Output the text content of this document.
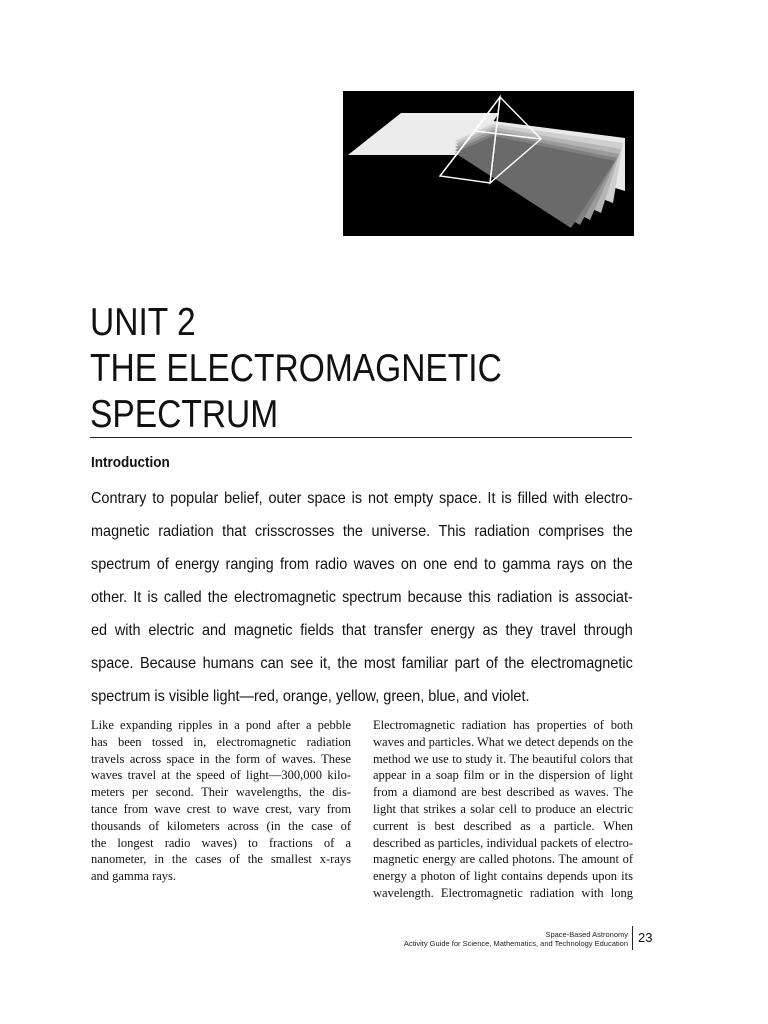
UNIT 2
THE ELECTROMAGNETIC
SPECTRUM
Introduction
Contrary to popular belief, outer space is not empty space. It is filled with electro-
magnetic radiation that crisscrosses the universe. This radiation comprises the
spectrum of energy ranging from radio waves on one end to gamma rays on the
other. It is called the electromagnetic spectrum because this radiation is associat-
ed with electric and magnetic fields that transfer energy as they travel through
space. Because humans can see it, the most familiar part of the electromagnetic
spectrum is visible light—red, orange, yellow, green, blue, and violet.
Like expanding ripples in a pond after a pebble
has been tossed in, electromagnetic radiation
travels across space in the form of waves. These
waves travel at the speed of light—300,000 kilo-
meters per second. Their wavelengths, the dis-
tance from wave crest to wave crest, vary from
thousands of kilometers across (in the case of
the longest radio waves) to fractions of a
nanometer, in the cases of the smallest x-rays
and gamma rays.
Electromagnetic radiation has properties of both
waves and particles. What we detect depends on the
method we use to study it. The beautiful colors that
appear in a soap film or in the dispersion of light
from a diamond are best described as waves. The
light that strikes a solar cell to produce an electric
current is best described as a particle. When
described as particles, individual packets of electro-
magnetic energy are called photons. The amount of
energy a photon of light contains depends upon its
wavelength. Electromagnetic radiation with long
Space-Based Astronomy
Activity Guide for Science, Mathematics, and Technology Education 23
